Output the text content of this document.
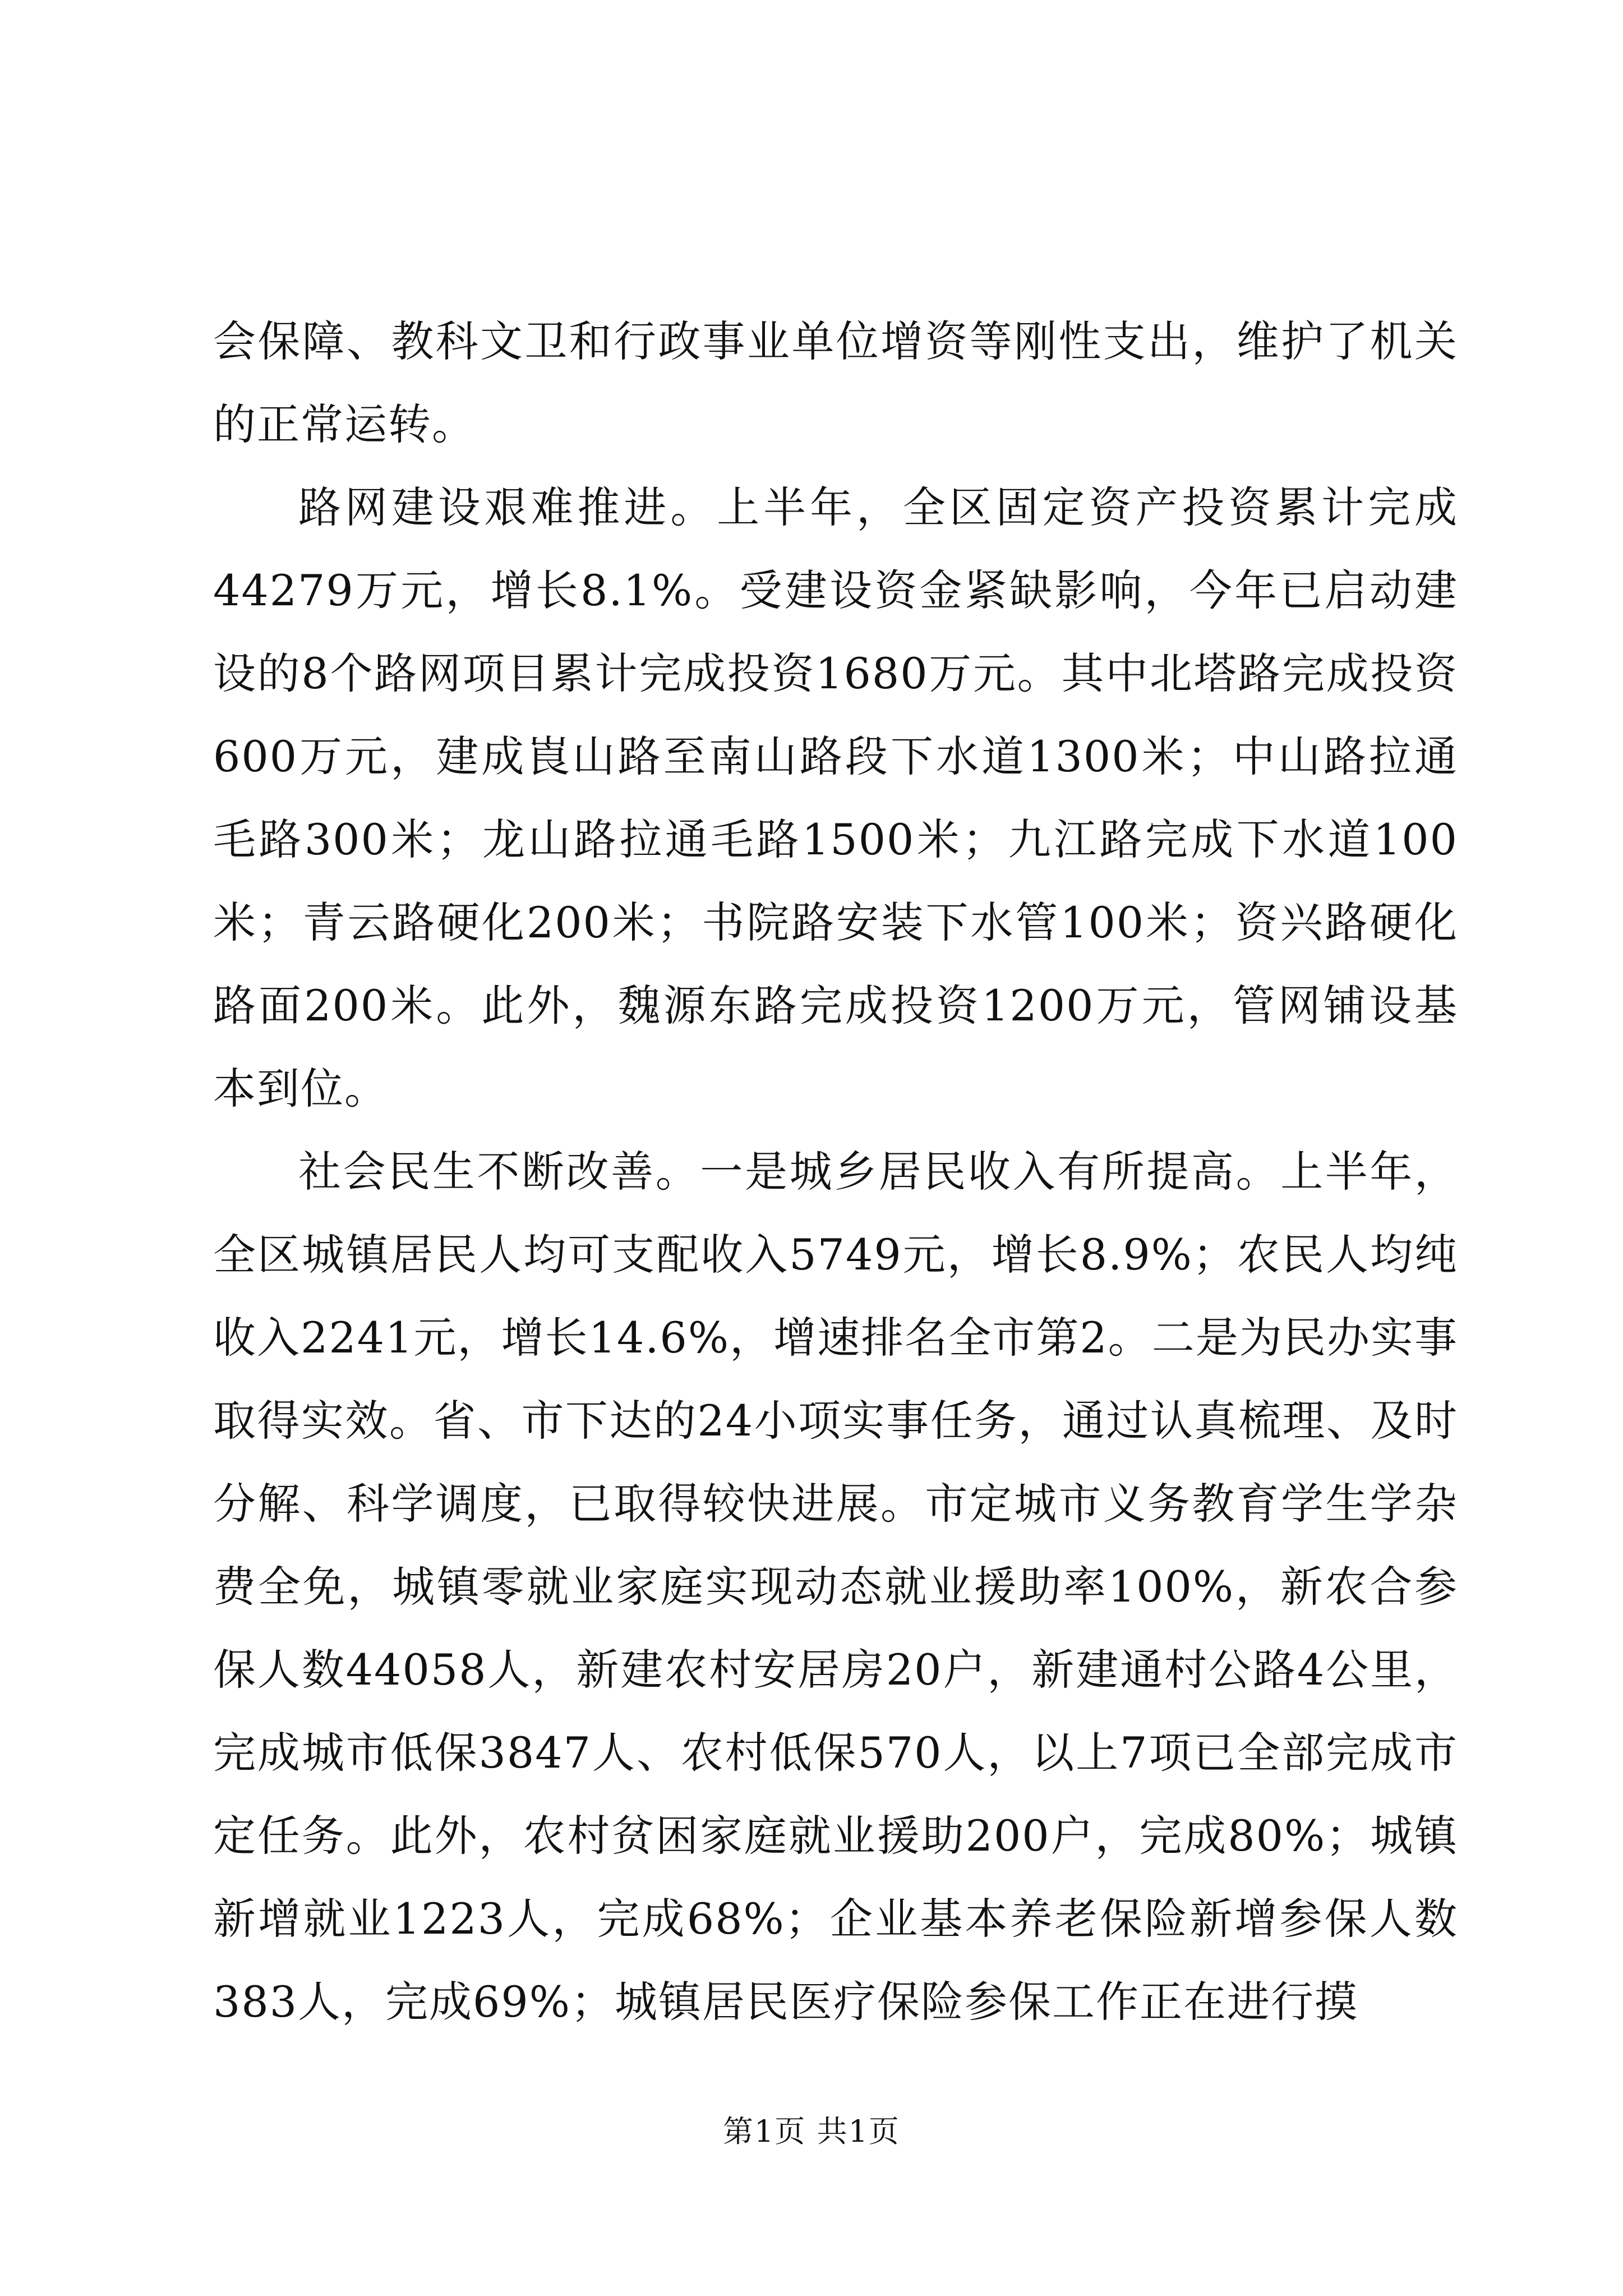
会保障、教科文卫和行政事业单位增资等刚性支出，维护了机关的正常运转。

路网建设艰难推进。上半年，全区固定资产投资累计完成44279万元，增长8.1%。受建设资金紧缺影响，今年已启动建设的8个路网项目累计完成投资1680万元。其中北塔路完成投资600万元，建成崀山路至南山路段下水道1300米；中山路拉通毛路300米；龙山路拉通毛路1500米；九江路完成下水道100米；青云路硬化200米；书院路安装下水管100米；资兴路硬化路面200米。此外，魏源东路完成投资1200万元，管网铺设基本到位。

社会民生不断改善。一是城乡居民收入有所提高。上半年，全区城镇居民人均可支配收入5749元，增长8.9%；农民人均纯收入2241元，增长14.6%，增速排名全市第2。二是为民办实事取得实效。省、市下达的24小项实事任务，通过认真梳理、及时分解、科学调度，已取得较快进展。市定城市义务教育学生学杂费全免，城镇零就业家庭实现动态就业援助率100%，新农合参保人数44058人，新建农村安居房20户，新建通村公路4公里，完成城市低保3847人、农村低保570人，以上7项已全部完成市定任务。此外，农村贫困家庭就业援助200户，完成80%；城镇新增就业1223人，完成68%；企业基本养老保险新增参保人数383人，完成69%；城镇居民医疗保险参保工作正在进行摸

第1页 共1页
